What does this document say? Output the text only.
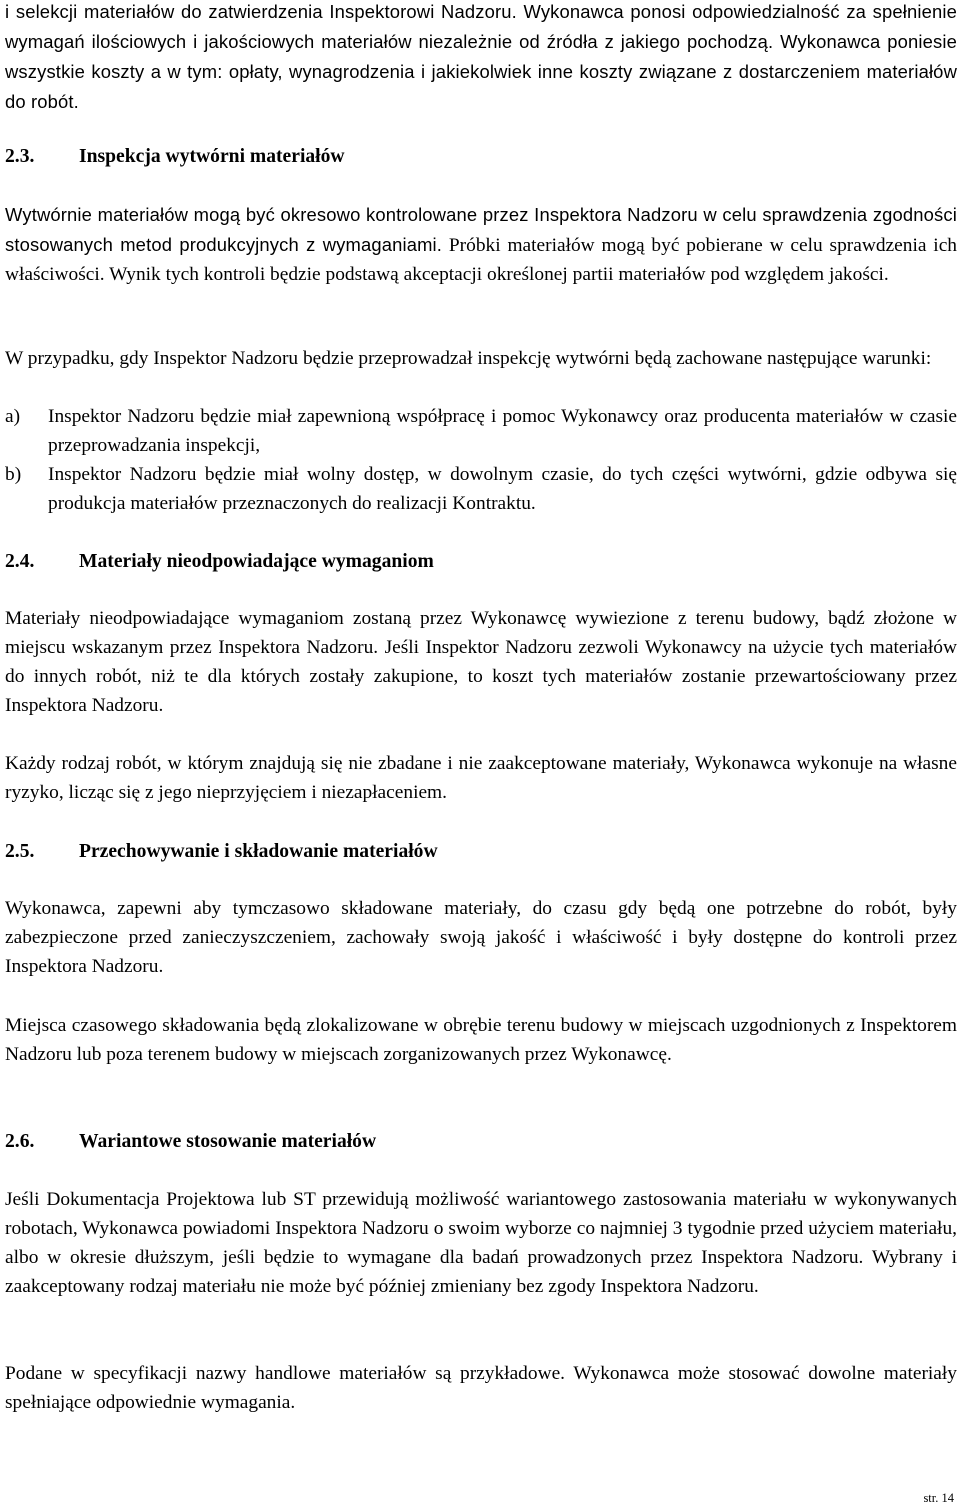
i selekcji materiałów do zatwierdzenia Inspektorowi Nadzoru. Wykonawca ponosi odpowiedzialność za spełnienie wymagań ilościowych i jakościowych materiałów niezależnie od źródła z jakiego pochodzą. Wykonawca poniesie wszystkie koszty a w tym: opłaty, wynagrodzenia i jakiekolwiek inne koszty związane z dostarczeniem materiałów do robót.

2.3.	Inspekcja wytwórni materiałów

Wytwórnie materiałów mogą być okresowo kontrolowane przez Inspektora Nadzoru w celu sprawdzenia zgodności stosowanych metod produkcyjnych z wymaganiami. Próbki materiałów mogą być pobierane w celu sprawdzenia ich właściwości. Wynik tych kontroli będzie podstawą akceptacji określonej partii materiałów pod względem jakości.

W przypadku, gdy Inspektor Nadzoru będzie przeprowadzał inspekcję wytwórni będą zachowane następujące warunki:

a)	Inspektor Nadzoru będzie miał zapewnioną współpracę i pomoc Wykonawcy oraz producenta materiałów w czasie przeprowadzania inspekcji,
b)	Inspektor Nadzoru będzie miał wolny dostęp, w dowolnym czasie, do tych części wytwórni, gdzie odbywa się produkcja materiałów przeznaczonych do realizacji Kontraktu.
2.4.	Materiały nieodpowiadające wymaganiom

Materiały nieodpowiadające wymaganiom zostaną przez Wykonawcę wywiezione z terenu budowy, bądź złożone w miejscu wskazanym przez Inspektora Nadzoru. Jeśli Inspektor Nadzoru zezwoli Wykonawcy na użycie tych materiałów do innych robót, niż te dla których zostały zakupione, to koszt tych materiałów zostanie przewartościowany przez Inspektora Nadzoru.

Każdy rodzaj robót, w którym znajdują się nie zbadane i nie zaakceptowane materiały, Wykonawca wykonuje na własne ryzyko, licząc się z jego nieprzyjęciem i niezapłaceniem.

2.5.	Przechowywanie i składowanie materiałów

Wykonawca, zapewni aby tymczasowo składowane materiały, do czasu gdy będą one potrzebne do robót, były zabezpieczone przed zanieczyszczeniem, zachowały swoją jakość i właściwość i były dostępne do kontroli przez Inspektora Nadzoru.

Miejsca czasowego składowania będą zlokalizowane w obrębie terenu budowy w miejscach uzgodnionych z Inspektorem Nadzoru lub poza terenem budowy w miejscach zorganizowanych przez Wykonawcę.

2.6.	Wariantowe stosowanie materiałów

Jeśli Dokumentacja Projektowa lub ST przewidują możliwość wariantowego zastosowania materiału w wykonywanych robotach, Wykonawca powiadomi Inspektora Nadzoru o swoim wyborze co najmniej 3 tygodnie przed użyciem materiału, albo w okresie dłuższym, jeśli będzie to wymagane dla badań prowadzonych przez Inspektora Nadzoru. Wybrany i zaakceptowany rodzaj materiału nie może być później zmieniany bez zgody Inspektora Nadzoru.

Podane w specyfikacji nazwy handlowe materiałów są przykładowe. Wykonawca może stosować dowolne materiały spełniające odpowiednie wymagania.

str. 14
